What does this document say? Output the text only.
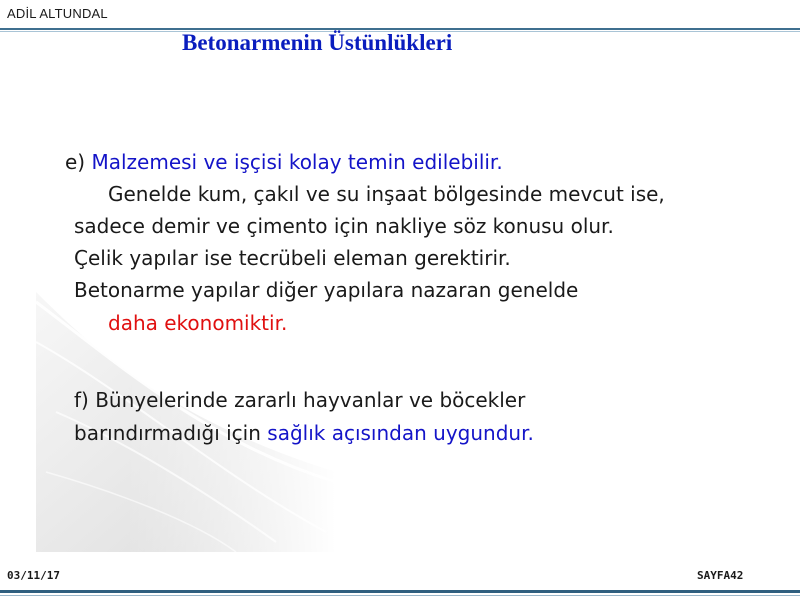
ADİL ALTUNDAL
Betonarmenin Üstünlükleri
e) Malzemesi ve işçisi kolay temin edilebilir.
Genelde kum, çakıl ve su inşaat bölgesinde mevcut ise,
sadece demir ve çimento için nakliye söz konusu olur.
Çelik yapılar ise tecrübeli eleman gerektirir.
Betonarme yapılar diğer yapılara nazaran genelde
daha ekonomiktir.
f) Bünyelerinde zararlı hayvanlar ve böcekler
barındırmadığı için sağlık açısından uygundur.
03/11/17	SAYFA42
